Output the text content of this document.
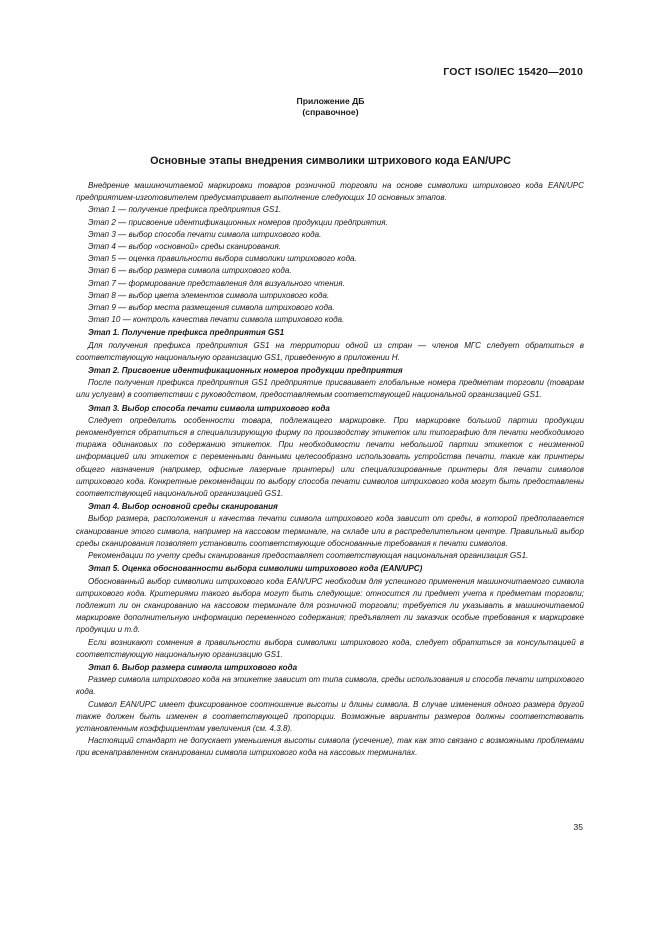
ГОСТ ISO/IEC 15420—2010
Приложение ДБ
(справочное)
Основные этапы внедрения символики штрихового кода EAN/UPC

Внедрение машиночитаемой маркировки товаров розничной торговли на основе символики штрихового кода EAN/UPC предприятием-изготовителем предусматривает выполнение следующих 10 основных этапов.

Этап 1 — получение префикса предприятия GS1.

Этап 2 — присвоение идентификационных номеров продукции предприятия.

Этап 3 — выбор способа печати символа штрихового кода.

Этап 4 — выбор «основной» среды сканирования.

Этап 5 — оценка правильности выбора символики штрихового кода.

Этап 6 — выбор размера символа штрихового кода.

Этап 7 — формирование представления для визуального чтения.

Этап 8 — выбор цвета элементов символа штрихового кода.

Этап 9 — выбор места размещения символа штрихового кода.

Этап 10 — контроль качества печати символа штрихового кода.

Этап 1. Получение префикса предприятия GS1

Для получения префикса предприятия GS1 на территории одной из стран — членов МГС следует обратиться в соответствующую национальную организацию GS1, приведенную в приложении Н.

Этап 2. Присвоение идентификационных номеров продукции предприятия

После получения префикса предприятия GS1 предприятие присваивает глобальные номера предметам торговли (товарам или услугам) в соответствии с руководством, предоставляемым соответствующей национальной организацией GS1.

Этап 3. Выбор способа печати символа штрихового кода

Следует определить особенности товара, подлежащего маркировке. При маркировке большой партии продукции рекомендуется обратиться в специализирующую фирму по производству этикеток или типографию для печати необходимого тиража одинаковых по содержанию этикеток. При необходимости печати небольшой партии этикеток с неизменной информацией или этикеток с переменными данными целесообразно использовать устройства печати, такие как принтеры общего назначения (например, офисные лазерные принтеры) или специализированные принтеры для печати символов штрихового кода. Конкретные рекомендации по выбору способа печати символов штрихового кода могут быть предоставлены соответствующей национальной организацией GS1.

Этап 4. Выбор основной среды сканирования

Выбор размера, расположения и качества печати символа штрихового кода зависит от среды, в которой предполагается сканирование этого символа, например на кассовом терминале, на складе или в распределительном центре. Правильный выбор среды сканирования позволяет установить соответствующие обоснованные требования к печати символов.

Рекомендации по учету среды сканирования предоставляет соответствующая национальная организация GS1.

Этап 5. Оценка обоснованности выбора символики штрихового кода (EAN/UPC)

Обоснованный выбор символики штрихового кода EAN/UPC необходим для успешного применения машиночитаемого символа штрихового кода. Критериями такого выбора могут быть следующие: относится ли предмет учета к предметам торговли; подлежит ли он сканированию на кассовом терминале для розничной торговли; требуется ли указывать в машиночитаемой маркировке дополнительную информацию переменного содержания; предъявляет ли заказчик особые требования к маркировке продукции и т.д.

Если возникают сомнения в правильности выбора символики штрихового кода, следует обратиться за консультацией в соответствующую национальную организацию GS1.

Этап 6. Выбор размера символа штрихового кода

Размер символа штрихового кода на этикетке зависит от типа символа, среды использования и способа печати штрихового кода.

Символ EAN/UPC имеет фиксированное соотношение высоты и длины символа. В случае изменения одного размера другой также должен быть изменен в соответствующей пропорции. Возможные варианты размеров должны соответствовать установленным коэффициентам увеличения (см. 4.3.8).

Настоящий стандарт не допускает уменьшения высоты символа (усечение), так как это связано с возможными проблемами при всенаправленном сканировании символа штрихового кода на кассовых терминалах.

35
